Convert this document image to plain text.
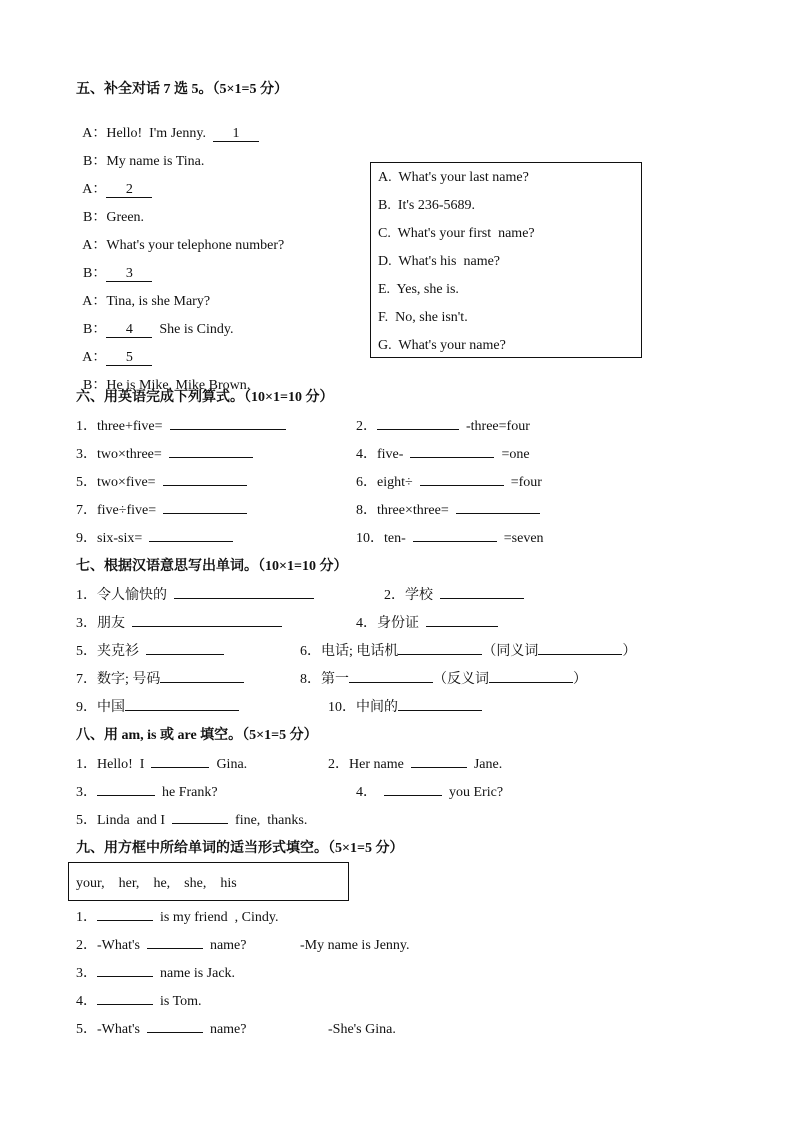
五、补全对话 7 选 5。（5×1=5 分）

A：Hello!  I'm Jenny. 1

B：My name is Tina.

A： 2

B：Green.

A：What's your telephone number?

B： 3

A：Tina, is she Mary?

B： 4 She is Cindy.

A： 5

B：He is Mike, Mike Brown.

A.  What's your last name?
B.  It's 236-5689.
C.  What's your first  name?
D.  What's his  name?
E.  Yes, she is.
F.  No, she isn't.
G.  What's your name?
六、用英语完成下列算式。（10×1=10 分）
1．three+five=	2．	-three=four
3．two×three=	4．five-	=one
5．two×five=	6．eight÷	=four
7．five÷five=	8．three×three=
9．six-six=	10．ten-	=seven
七、根据汉语意思写出单词。（10×1=10 分）
1．令人愉快的	2．学校
3．朋友	4．身份证
5．夹克衫	6．电话; 电话机	（同义词	）
7．数字; 号码	8．第一	（反义词	）
9．中国	10．中间的
八、用 am, is 或 are 填空。（5×1=5 分）
1．Hello!  I	Gina.	2．Her name	Jane.
3．	he Frank?	4．	you Eric?
5．Linda  and I	fine,  thanks.
九、用方框中所给单词的适当形式填空。（5×1=5 分）
your, her, he, she, his
1．	is my friend  , Cindy.
2．-What's	name?	-My name is Jenny.
3．	name is Jack.
4．	is Tom.
5．-What's	name?	-She's Gina.
